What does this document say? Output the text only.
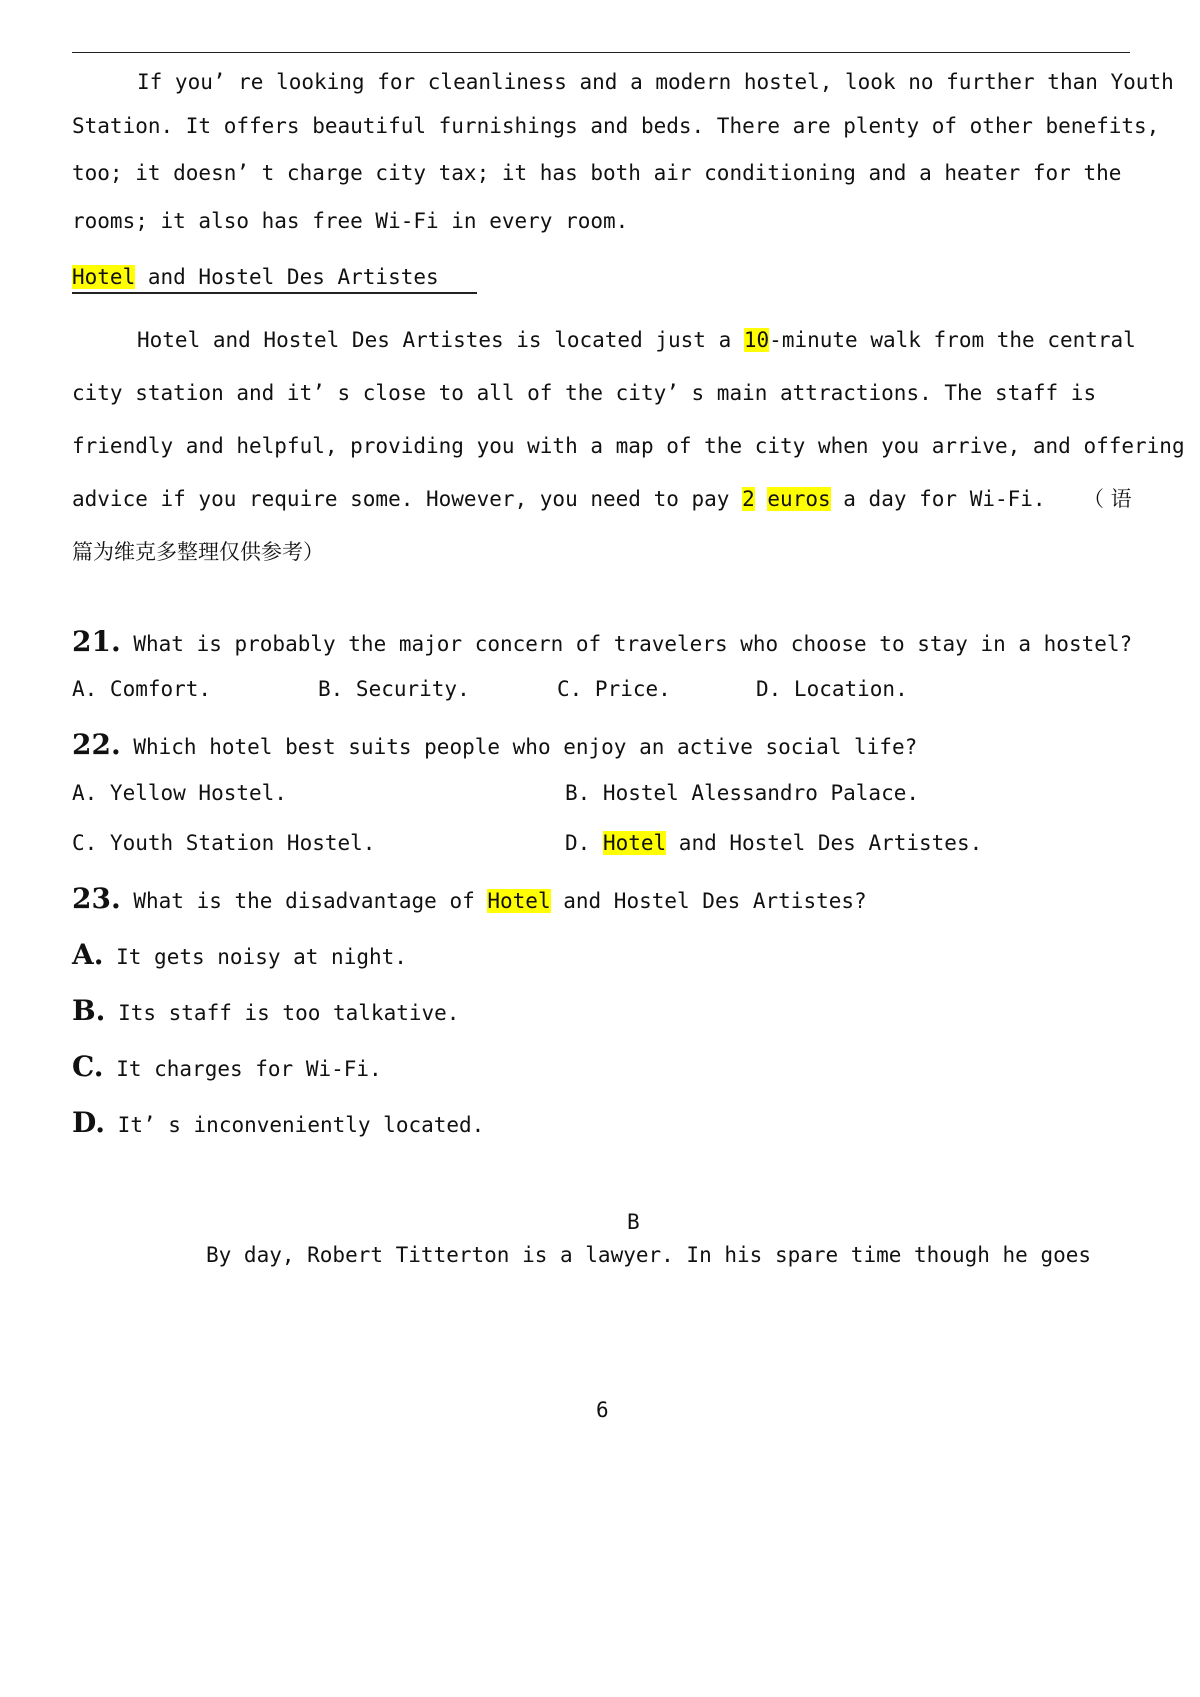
If you’ re looking for cleanliness and a modern hostel, look no further than Youth
Station. It offers beautiful furnishings and beds. There are plenty of other benefits,
too; it doesn’ t charge city tax; it has both air conditioning and a heater for the
rooms; it also has free Wi-Fi in every room.
Hotel and Hostel Des Artistes
Hotel and Hostel Des Artistes is located just a 10-minute walk from the central
city station and it’ s close to all of the city’ s main attractions. The staff is
friendly and helpful, providing you with a map of the city when you arrive, and offering
advice if you require some. However, you need to pay 2 euros a day for Wi-Fi. （ 语
篇为维克多整理仅供参考）
21. What is probably the major concern of travelers who choose to stay in a hostel?
A. Comfort.	B. Security.	C. Price.	D. Location.
22. Which hotel best suits people who enjoy an active social life?
A. Yellow Hostel.	B. Hostel Alessandro Palace.
C. Youth Station Hostel.	D. Hotel and Hostel Des Artistes.
23. What is the disadvantage of Hotel and Hostel Des Artistes?
A. It gets noisy at night.
B. Its staff is too talkative.
C. It charges for Wi-Fi.
D. It’ s inconveniently located.
B
By day, Robert Titterton is a lawyer. In his spare time though he goes
6
